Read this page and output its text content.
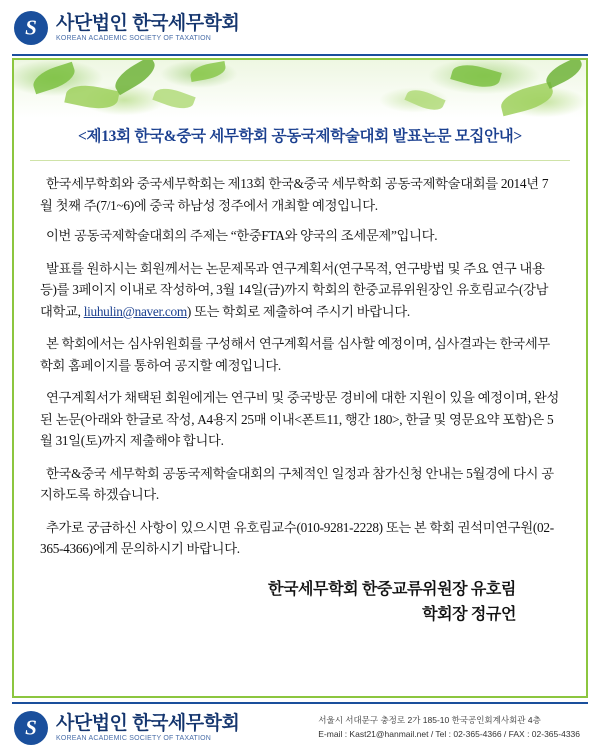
S
사단법인 한국세무학회
KOREAN ACADEMIC SOCIETY OF TAXATION
<제13회 한국&중국 세무학회 공동국제학술대회 발표논문 모집안내>

한국세무학회와 중국세무학회는 제13회 한국&중국 세무학회 공동국제학술대회를 2014년 7월 첫째 주(7/1~6)에 중국 하남성 정주에서 개최할 예정입니다.

이번 공동국제학술대회의 주제는 “한중FTA와 양국의 조세문제”입니다.

발표를 원하시는 회원께서는 논문제목과 연구계획서(연구목적, 연구방법 및 주요 연구 내용 등)를 3페이지 이내로 작성하여, 3월 14일(금)까지 학회의 한중교류위원장인 유호림교수(강남대학교, liuhulin@naver.com) 또는 학회로 제출하여 주시기 바랍니다.

본 학회에서는 심사위원회를 구성해서 연구계획서를 심사할 예정이며, 심사결과는 한국세무학회 홈페이지를 통하여 공지할 예정입니다.

연구계획서가 채택된 회원에게는 연구비 및 중국방문 경비에 대한 지원이 있을 예정이며, 완성된 논문(아래와 한글로 작성, A4용지 25매 이내<폰트11, 행간 180>, 한글 및 영문요약 포함)은 5월 31일(토)까지 제출해야 합니다.

한국&중국 세무학회 공동국제학술대회의 구체적인 일정과 참가신청 안내는 5월경에 다시 공지하도록 하겠습니다.

추가로 궁금하신 사항이 있으시면 유호림교수(010-9281-2228) 또는 본 학회 권석미연구원(02-365-4366)에게 문의하시기 바랍니다.

한국세무학회 한중교류위원장 유호림
학회장 정규언
S
사단법인 한국세무학회
KOREAN ACADEMIC SOCIETY OF TAXATION
서울시 서대문구 충정로 2가 185-10 한국공인회계사회관 4층
E-mail : Kast21@hanmail.net / Tel : 02-365-4366 / FAX : 02-365-4336
